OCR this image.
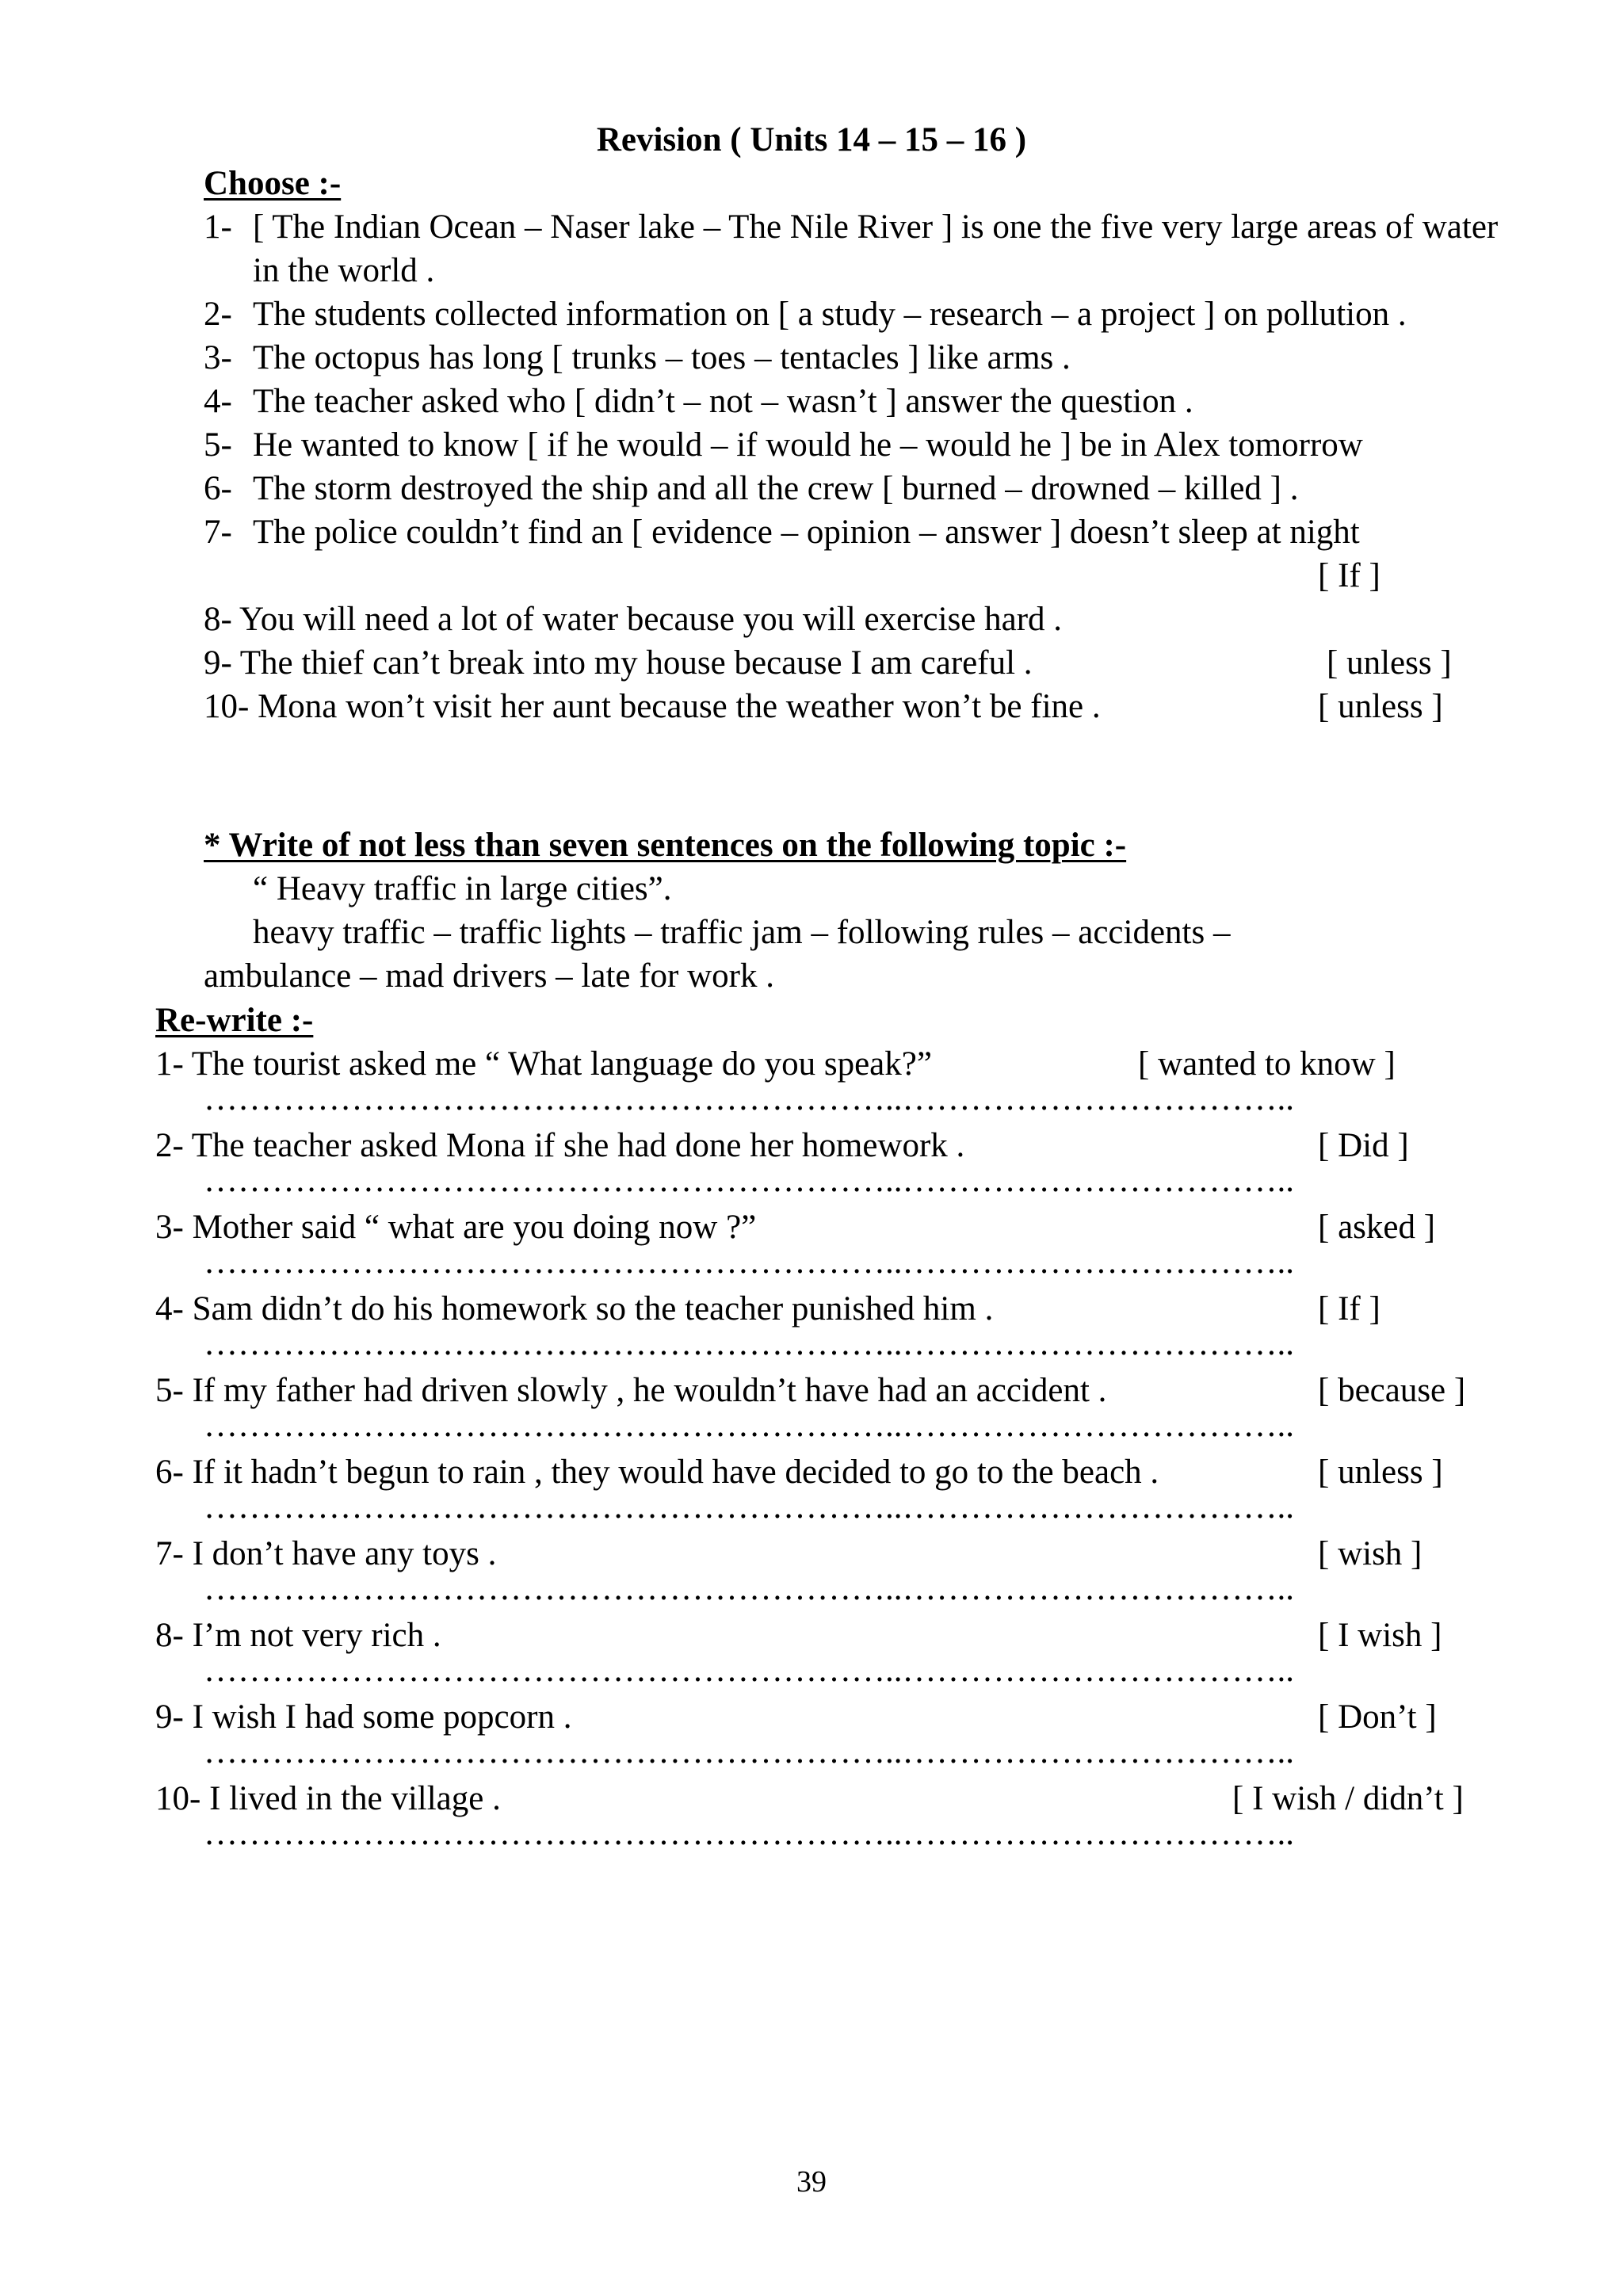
Revision ( Units 14 – 15 – 16 )
Choose :-
1- [ The Indian Ocean – Naser lake – The Nile River ] is one the five very large areas of water in the world .
2- The students collected information on [ a study – research – a project ] on pollution .
3- The octopus has long [ trunks – toes – tentacles ] like arms .
4- The teacher asked who [ didn’t – not – wasn’t ] answer the question .
5- He wanted to know [ if he would – if would he – would he ] be in Alex tomorrow
6- The storm destroyed the ship and all the crew [ burned – drowned – killed ] .
7- The police couldn’t find an [ evidence – opinion – answer ] doesn’t sleep at night
[ If ]
8- You will need a lot of water because you will exercise hard .
9- The thief can’t break into my house because I am careful .	[ unless ]
10- Mona won’t visit her aunt because the weather won’t be fine .	[ unless ]
* Write of not less than seven sentences on the following topic :-
“ Heavy traffic in large cities”.
heavy traffic – traffic lights – traffic jam – following rules – accidents –
ambulance – mad drivers – late for work .
Re-write :-
1- The tourist asked me “ What language do you speak?”	[ wanted to know ]
……………………………………………………..……………………………..
2- The teacher asked Mona if she had done her homework .	[ Did ]
……………………………………………………..……………………………..
3- Mother said “ what are you doing now ?”	[ asked ]
……………………………………………………..……………………………..
4- Sam didn’t do his homework so the teacher punished him .	[ If ]
……………………………………………………..……………………………..
5- If my father had driven slowly , he wouldn’t have had an accident .	[ because ]
……………………………………………………..……………………………..
6- If it hadn’t begun to rain , they would have decided to go to the beach .	[ unless ]
……………………………………………………..……………………………..
7- I don’t have any toys .	[ wish ]
……………………………………………………..……………………………..
8- I’m not very rich .	[ I wish ]
……………………………………………………..……………………………..
9- I wish I had some popcorn .	[ Don’t ]
……………………………………………………..……………………………..
10- I lived in the village .	[ I wish / didn’t ]
……………………………………………………..……………………………..
39
